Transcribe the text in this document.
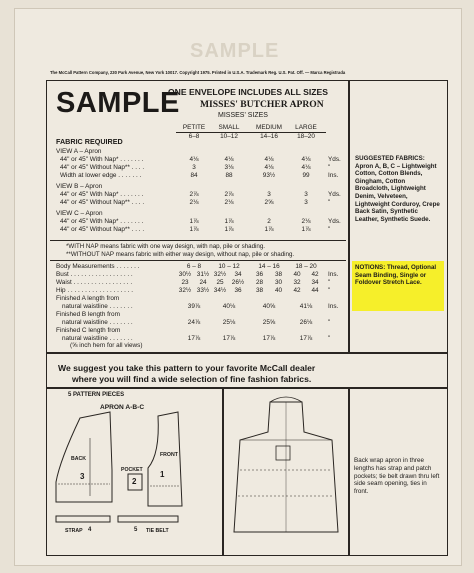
SAMPLE
The McCall Pattern Company, 230 Park Avenue, New York 10017. Copyright 1975. Printed in U.S.A. Trademark Reg. U.S. Pat. Off. — Marca Registrada
SAMPLE
ONE ENVELOPE INCLUDES ALL SIZES
MISSES' BUTCHER APRON
MISSES' SIZES
PETITE	SMALL	MEDIUM	LARGE
6–8	10–12	14–16	18–20
FABRIC REQUIRED
VIEW A – Apron
44" or 45" With Nap* . . . . . . .	4⅛	4⅛	4⅛	4⅛	Yds.
44" or 45" Without Nap** . . . .	3	3⅛	4⅛	4⅛	"
Width at lower edge . . . . . . .	84	88	93½	99	Ins.
VIEW B – Apron
44" or 45" With Nap* . . . . . . .	2⅞	2⅞	3	3	Yds.
44" or 45" Without Nap** . . . .	2⅛	2⅛	2⅝	3	"
VIEW C – Apron
44" or 45" With Nap* . . . . . . .	1⅞	1⅞	2	2⅛	Yds.
44" or 45" Without Nap** . . . .	1⅞	1⅞	1⅞	1⅞	"
*WITH NAP means fabric with one way design, with nap, pile or shading.
**WITHOUT NAP means fabric with either way design, without nap, pile or shading.
Body Measurements . . . . . . .	6 – 8	10 – 12	14 – 16	18 – 20
Bust . . . . . . . . . . . . . . . . . .	30½ 31½ 32½	34	36	38	40	42	Ins.
Waist . . . . . . . . . . . . . . . . .	23	24	25	26½	28	30	32	34	"
Hip . . . . . . . . . . . . . . . . . . .	32½ 33½ 34½	36	38	40	42	44	"
Finished A length from
natural waistline . . . . . . .	39⅞	40⅛	40⅝	41⅛	Ins.
Finished B length from
natural waistline . . . . . . .	24⅞	25⅛	25⅝	26⅛	"
Finished C length from
natural waistline . . . . . . .	17⅞	17⅞	17⅞	17⅞	"
(⅝ inch hem for all views)
SUGGESTED FABRICS: Apron A, B, C – Lightweight Cotton, Cotton Blends, Gingham, Cotton Broadcloth, Lightweight Denim, Velveteen, Lightweight Corduroy, Crepe Back Satin, Synthetic Leather, Synthetic Suede.
NOTIONS: Thread, Optional Seam Binding, Single or Foldover Stretch Lace.
We suggest you take this pattern to your favorite McCall dealer
where you will find a wide selection of fine fashion fabrics.
5 PATTERN PIECES
APRON A-B-C
BACK
FRONT
POCKET
STRAP	TIE BELT
1
2
3
4	5
Back wrap apron in three lengths has strap and patch pockets; tie belt drawn thru left side seam opening, ties in front.
